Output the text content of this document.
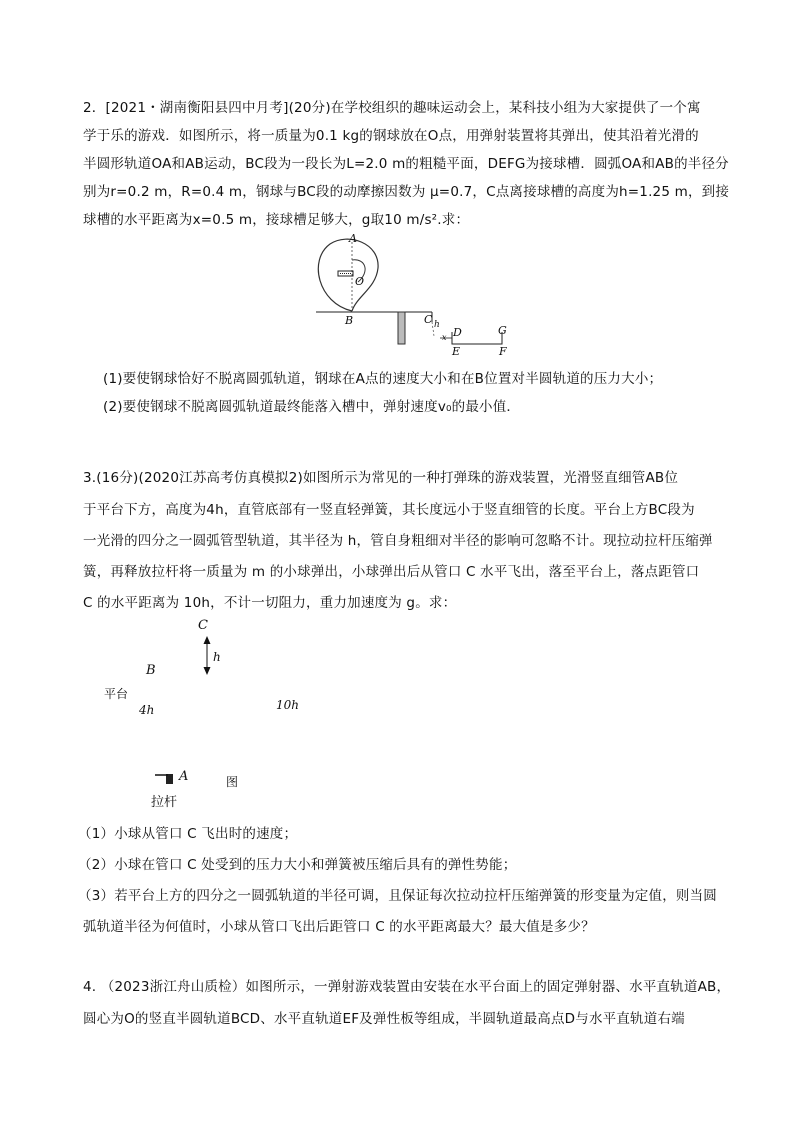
2．[2021・湖南衡阳县四中月考](20分)在学校组织的趣味运动会上，某科技小组为大家提供了一个寓
学于乐的游戏．如图所示，将一质量为0.1 kg的钢球放在O点，用弹射装置将其弹出，使其沿着光滑的
半圆形轨道OA和AB运动，BC段为一段长为L=2.0 m的粗糙平面，DEFG为接球槽．圆弧OA和AB的半径分
别为r=0.2 m，R=0.4 m，钢球与BC段的动摩擦因数为 μ=0.7，C点离接球槽的高度为h=1.25 m，到接
球槽的水平距离为x=0.5 m，接球槽足够大，g取10 m/s².求：
A
O
B	C h
x D	G
E	F
(1)要使钢球恰好不脱离圆弧轨道，钢球在A点的速度大小和在B位置对半圆轨道的压力大小；
(2)要使钢球不脱离圆弧轨道最终能落入槽中，弹射速度v₀的最小值．
3.(16分)(2020江苏高考仿真模拟2)如图所示为常见的一种打弹珠的游戏装置，光滑竖直细管AB位
于平台下方，高度为4h，直管底部有一竖直轻弹簧，其长度远小于竖直细管的长度。平台上方BC段为
一光滑的四分之一圆弧管型轨道，其半径为 h，管自身粗细对半径的影响可忽略不计。现拉动拉杆压缩弹
簧，再释放拉杆将一质量为 m 的小球弹出，小球弹出后从管口 C 水平飞出，落至平台上，落点距管口
C 的水平距离为 10h，不计一切阻力，重力加速度为 g。求：
C
h
B
平台
4h	10h
A	图
拉杆
（1）小球从管口 C 飞出时的速度；
（2）小球在管口 C 处受到的压力大小和弹簧被压缩后具有的弹性势能；
（3）若平台上方的四分之一圆弧轨道的半径可调，且保证每次拉动拉杆压缩弹簧的形变量为定值，则当圆
弧轨道半径为何值时，小球从管口飞出后距管口 C 的水平距离最大？最大值是多少？
4. （2023浙江舟山质检）如图所示，一弹射游戏装置由安装在水平台面上的固定弹射器、水平直轨道AB，
圆心为O的竖直半圆轨道BCD、水平直轨道EF及弹性板等组成，半圆轨道最高点D与水平直轨道右端
